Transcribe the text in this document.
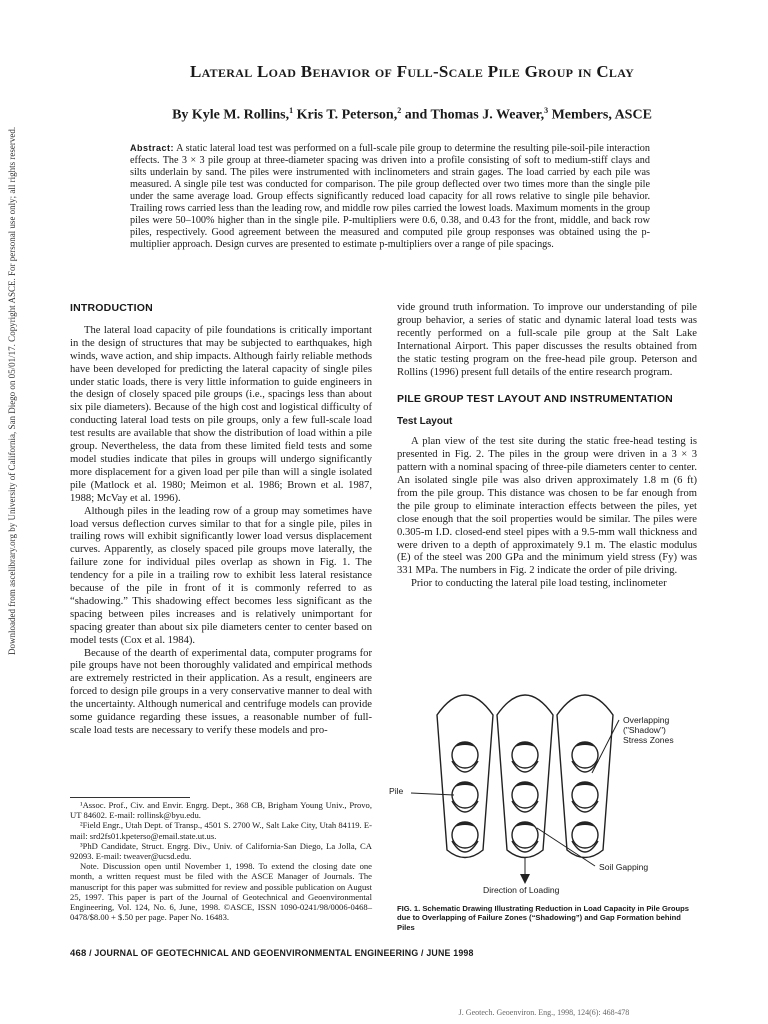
Downloaded from ascelibrary.org by University of California, San Diego on 05/01/17. Copyright ASCE. For personal use only; all rights reserved.
Lateral Load Behavior of Full-Scale Pile Group in Clay
By Kyle M. Rollins,$^1$ Kris T. Peterson,$^2$ and Thomas J. Weaver,$^3$ Members, ASCE
Abstract: A static lateral load test was performed on a full-scale pile group to determine the resulting pile-soil-pile interaction effects. The 3 × 3 pile group at three-diameter spacing was driven into a profile consisting of soft to medium-stiff clays and silts underlain by sand. The piles were instrumented with inclinometers and strain gages. The load carried by each pile was measured. A single pile test was conducted for comparison. The pile group deflected over two times more than the single pile under the same average load. Group effects significantly reduced load capacity for all rows relative to single pile behavior. Trailing rows carried less than the leading row, and middle row piles carried the lowest loads. Maximum moments in the group piles were 50–100% higher than in the single pile. P-multipliers were 0.6, 0.38, and 0.43 for the front, middle, and back row piles, respectively. Good agreement between the measured and computed pile group responses was obtained using the p-multiplier approach. Design curves are presented to estimate p-multipliers over a range of pile spacings.
INTRODUCTION

The lateral load capacity of pile foundations is critically important in the design of structures that may be subjected to earthquakes, high winds, wave action, and ship impacts. Although fairly reliable methods have been developed for predicting the lateral capacity of single piles under static loads, there is very little information to guide engineers in the design of closely spaced pile groups (i.e., spacings less than about six pile diameters). Because of the high cost and logistical difficulty of conducting lateral load tests on pile groups, only a few full-scale load test results are available that show the distribution of load within a pile group. Nevertheless, the data from these limited field tests and some model studies indicate that piles in groups will undergo significantly more displacement for a given load per pile than will a single isolated pile (Matlock et al. 1980; Meimon et al. 1986; Brown et al. 1987, 1988; McVay et al. 1996).

Although piles in the leading row of a group may sometimes have load versus deflection curves similar to that for a single pile, piles in trailing rows will exhibit significantly lower load versus displacement curves. Apparently, as closely spaced pile groups move laterally, the failure zone for individual piles overlap as shown in Fig. 1. The tendency for a pile in a trailing row to exhibit less lateral resistance because of the pile in front of it is commonly referred to as “shadowing.” This shadowing effect becomes less significant as the spacing between piles increases and is relatively unimportant for spacing greater than about six pile diameters center to center based on model tests (Cox et al. 1984).

Because of the dearth of experimental data, computer programs for pile groups have not been thoroughly validated and empirical methods are extremely restricted in their application. As a result, engineers are forced to design pile groups in a very conservative manner to deal with the uncertainty. Although numerical and centrifuge models can provide some guidance regarding these issues, a reasonable number of full-scale load tests are necessary to verify these models and pro-

¹Assoc. Prof., Civ. and Envir. Engrg. Dept., 368 CB, Brigham Young Univ., Provo, UT 84602. E-mail: rollinsk@byu.edu.

²Field Engr., Utah Dept. of Transp., 4501 S. 2700 W., Salt Lake City, Utah 84119. E-mail: srd2fs01.kpeterso@email.state.ut.us.

³PhD Candidate, Struct. Engrg. Div., Univ. of California-San Diego, La Jolla, CA 92093. E-mail: tweaver@ucsd.edu.

Note. Discussion open until November 1, 1998. To extend the closing date one month, a written request must be filed with the ASCE Manager of Journals. The manuscript for this paper was submitted for review and possible publication on August 25, 1997. This paper is part of the Journal of Geotechnical and Geoenvironmental Engineering, Vol. 124, No. 6, June, 1998. ©ASCE, ISSN 1090-0241/98/0006-0468–0478/$8.00 + $.50 per page. Paper No. 16483.

vide ground truth information. To improve our understanding of pile group behavior, a series of static and dynamic lateral load tests was recently performed on a full-scale pile group at the Salt Lake International Airport. This paper discusses the results obtained from the static testing program on the free-head pile group. Peterson and Rollins (1996) present full details of the entire research program.

PILE GROUP TEST LAYOUT AND INSTRUMENTATION
Test Layout

A plan view of the test site during the static free-head testing is presented in Fig. 2. The piles in the group were driven in a 3 × 3 pattern with a nominal spacing of three-pile diameters center to center. An isolated single pile was also driven approximately 1.8 m (6 ft) from the pile group. This distance was chosen to be far enough from the pile group to eliminate interaction effects between the piles, yet close enough that the soil properties would be similar. The piles were 0.305-m I.D. closed-end steel pipes with a 9.5-mm wall thickness and were driven to a depth of approximately 9.1 m. The elastic modulus (E) of the steel was 200 GPa and the minimum yield stress (Fy) was 331 MPa. The numbers in Fig. 2 indicate the order of pile driving.

Prior to conducting the lateral pile load testing, inclinometer

Overlapping
("Shadow")
Stress Zones
Pile
Soil Gapping
Direction of Loading
FIG. 1. Schematic Drawing Illustrating Reduction in Load Capacity in Pile Groups due to Overlapping of Failure Zones (“Shadowing”) and Gap Formation behind Piles
468 / JOURNAL OF GEOTECHNICAL AND GEOENVIRONMENTAL ENGINEERING / JUNE 1998
J. Geotech. Geoenviron. Eng., 1998, 124(6): 468-478
